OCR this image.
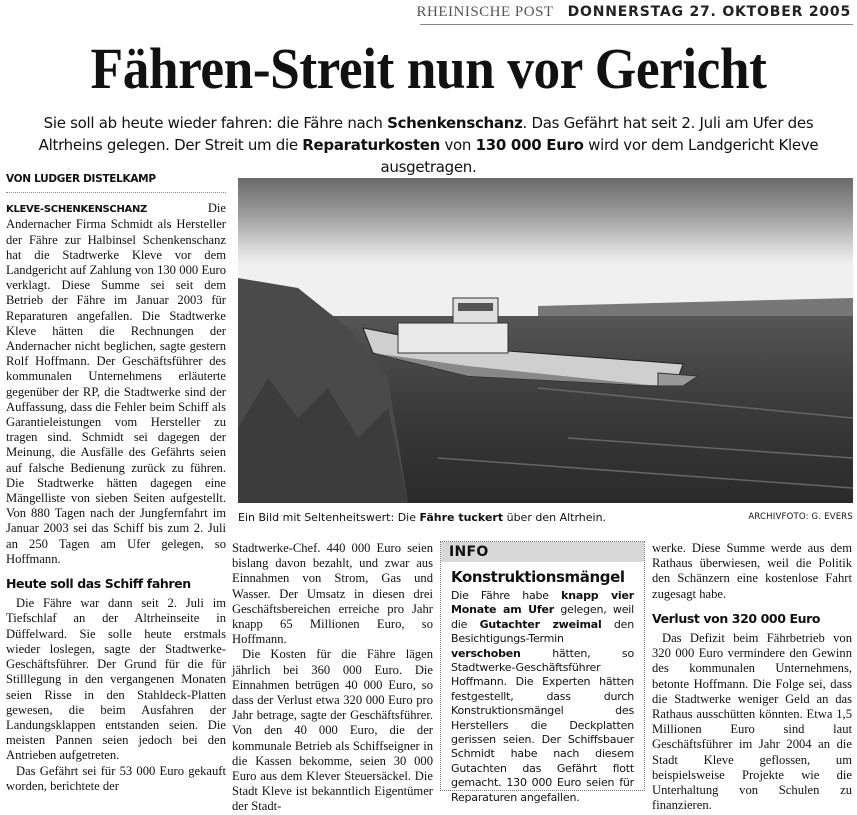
RHEINISCHE POST DONNERSTAG 27. OKTOBER 2005
Fähren-Streit nun vor Gericht
Sie soll ab heute wieder fahren: die Fähre nach Schenkenschanz. Das Gefährt hat seit 2. Juli am Ufer des Altrheins gelegen. Der Streit um die Reparaturkosten von 130 000 Euro wird vor dem Landgericht Kleve ausgetragen.
VON LUDGER DISTELKAMP

KLEVE-SCHENKENSCHANZ	Die Andernacher Firma Schmidt als Hersteller der Fähre zur Halbinsel Schenkenschanz hat die Stadtwerke Kleve vor dem Landgericht auf Zahlung von 130 000 Euro verklagt. Diese Summe sei seit dem Betrieb der Fähre im Januar 2003 für Reparaturen angefallen. Die Stadtwerke Kleve hätten die Rechnungen der Andernacher nicht beglichen, sagte gestern Rolf Hoffmann. Der Geschäftsführer des kommunalen Unternehmens erläuterte gegenüber der RP, die Stadtwerke sind der Auffassung, dass die Fehler beim Schiff als Garantieleistungen vom Hersteller zu tragen sind. Schmidt sei dagegen der Meinung, die Ausfälle des Gefährts seien auf falsche Bedienung zurück zu führen. Die Stadtwerke hätten dagegen eine Mängelliste von sieben Seiten aufgestellt. Von 880 Tagen nach der Jungfernfahrt im Januar 2003 sei das Schiff bis zum 2. Juli an 250 Tagen am Ufer gelegen, so Hoffmann.

Heute soll das Schiff fahren

Die Fähre war dann seit 2. Juli im Tiefschlaf an der Altrheinseite in Düffelward. Sie solle heute erstmals wieder loslegen, sagte der Stadtwerke-Geschäftsführer. Der Grund für die für Stilllegung in den vergangenen Monaten seien Risse in den Stahldeck-Platten gewesen, die beim Ausfahren der Landungsklappen entstanden seien. Die meisten Pannen seien jedoch bei den Antrieben aufgetreten.

Das Gefährt sei für 53 000 Euro gekauft worden, berichtete der

Ein Bild mit Seltenheitswert: Die Fähre tuckert über den Altrhein.	ARCHIVFOTO: G. EVERS

Stadtwerke-Chef. 440 000 Euro seien bislang davon bezahlt, und zwar aus Einnahmen von Strom, Gas und Wasser. Der Umsatz in diesen drei Geschäftsbereichen erreiche pro Jahr knapp 65 Millionen Euro, so Hoffmann.

Die Kosten für die Fähre lägen jährlich bei 360 000 Euro. Die Einnahmen betrügen 40 000 Euro, so dass der Verlust etwa 320 000 Euro pro Jahr betrage, sagte der Geschäftsführer. Von den 40 000 Euro, die der kommunale Betrieb als Schiffseigner in die Kassen bekomme, seien 30 000 Euro aus dem Klever Steuersäckel. Die Stadt Kleve ist bekanntlich Eigentümer der Stadt-

INFO
Konstruktionsmängel
Die Fähre habe knapp vier Monate am Ufer gelegen, weil die Gutachter zweimal den Besichtigungs-Termin verschoben hätten, so Stadtwerke-Geschäftsführer Hoffmann. Die Experten hätten festgestellt, dass durch Konstruktionsmängel des Herstellers die Deckplatten gerissen seien. Der Schiffsbauer Schmidt habe nach diesem Gutachten das Gefährt flott gemacht. 130 000 Euro seien für Reparaturen angefallen.

werke. Diese Summe werde aus dem Rathaus überwiesen, weil die Politik den Schänzern eine kostenlose Fahrt zugesagt habe.

Verlust von 320 000 Euro

Das Defizit beim Fährbetrieb von 320 000 Euro vermindere den Gewinn des kommunalen Unternehmens, betonte Hoffmann. Die Folge sei, dass die Stadtwerke weniger Geld an das Rathaus ausschütten könnten. Etwa 1,5 Millionen Euro sind laut Geschäftsführer im Jahr 2004 an die Stadt Kleve geflossen, um beispielsweise Projekte wie die Unterhaltung von Schulen zu finanzieren.
